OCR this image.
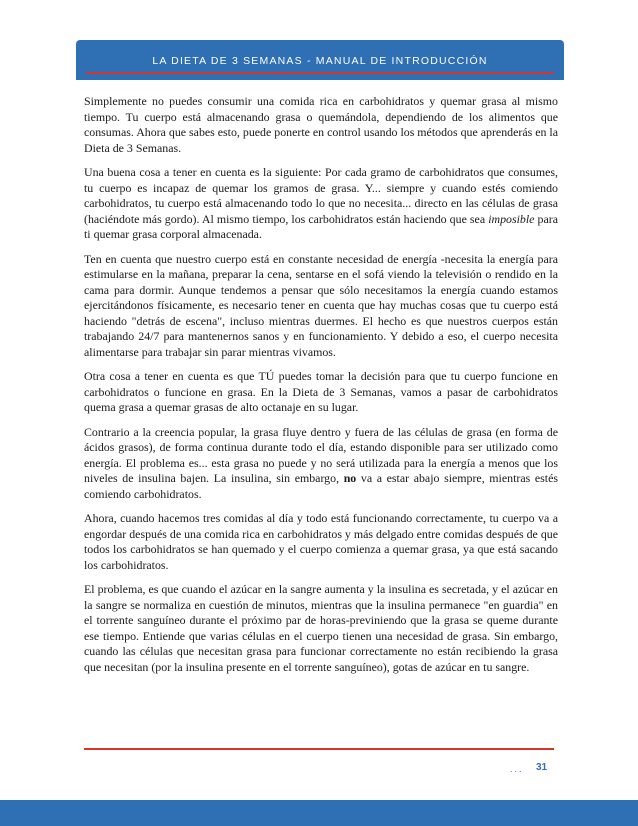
LA DIETA DE 3 SEMANAS - MANUAL DE INTRODUCCIÓN

Simplemente no puedes consumir una comida rica en carbohidratos y quemar grasa al mismo tiempo. Tu cuerpo está almacenando grasa o quemándola, dependiendo de los alimentos que consumas. Ahora que sabes esto, puede ponerte en control usando los métodos que aprenderás en la Dieta de 3 Semanas.

Una buena cosa a tener en cuenta es la siguiente: Por cada gramo de carbohidratos que consumes, tu cuerpo es incapaz de quemar los gramos de grasa. Y... siempre y cuando estés comiendo carbohidratos, tu cuerpo está almacenando todo lo que no necesita... directo en las células de grasa (haciéndote más gordo). Al mismo tiempo, los carbohidratos están haciendo que sea imposible para ti quemar grasa corporal almacenada.

Ten en cuenta que nuestro cuerpo está en constante necesidad de energía -necesita la energía para estimularse en la mañana, preparar la cena, sentarse en el sofá viendo la televisión o rendido en la cama para dormir. Aunque tendemos a pensar que sólo necesitamos la energía cuando estamos ejercitándonos físicamente, es necesario tener en cuenta que hay muchas cosas que tu cuerpo está haciendo "detrás de escena", incluso mientras duermes. El hecho es que nuestros cuerpos están trabajando 24/7 para mantenernos sanos y en funcionamiento. Y debido a eso, el cuerpo necesita alimentarse para trabajar sin parar mientras vivamos.

Otra cosa a tener en cuenta es que TÚ puedes tomar la decisión para que tu cuerpo funcione en carbohidratos o funcione en grasa. En la Dieta de 3 Semanas, vamos a pasar de carbohidratos quema grasa a quemar grasas de alto octanaje en su lugar.

Contrario a la creencia popular, la grasa fluye dentro y fuera de las células de grasa (en forma de ácidos grasos), de forma continua durante todo el día, estando disponible para ser utilizado como energía. El problema es... esta grasa no puede y no será utilizada para la energía a menos que los niveles de insulina bajen. La insulina, sin embargo, no va a estar abajo siempre, mientras estés comiendo carbohidratos.

Ahora, cuando hacemos tres comidas al día y todo está funcionando correctamente, tu cuerpo va a engordar después de una comida rica en carbohidratos y más delgado entre comidas después de que todos los carbohidratos se han quemado y el cuerpo comienza a quemar grasa, ya que está sacando los carbohidratos.

El problema, es que cuando el azúcar en la sangre aumenta y la insulina es secretada, y el azúcar en la sangre se normaliza en cuestión de minutos, mientras que la insulina permanece "en guardia" en el torrente sanguíneo durante el próximo par de horas-previniendo que la grasa se queme durante ese tiempo. Entiende que varias células en el cuerpo tienen una necesidad de grasa. Sin embargo, cuando las células que necesitan grasa para funcionar correctamente no están recibiendo la grasa que necesitan (por la insulina presente en el torrente sanguíneo), gotas de azúcar en tu sangre.

... 31
